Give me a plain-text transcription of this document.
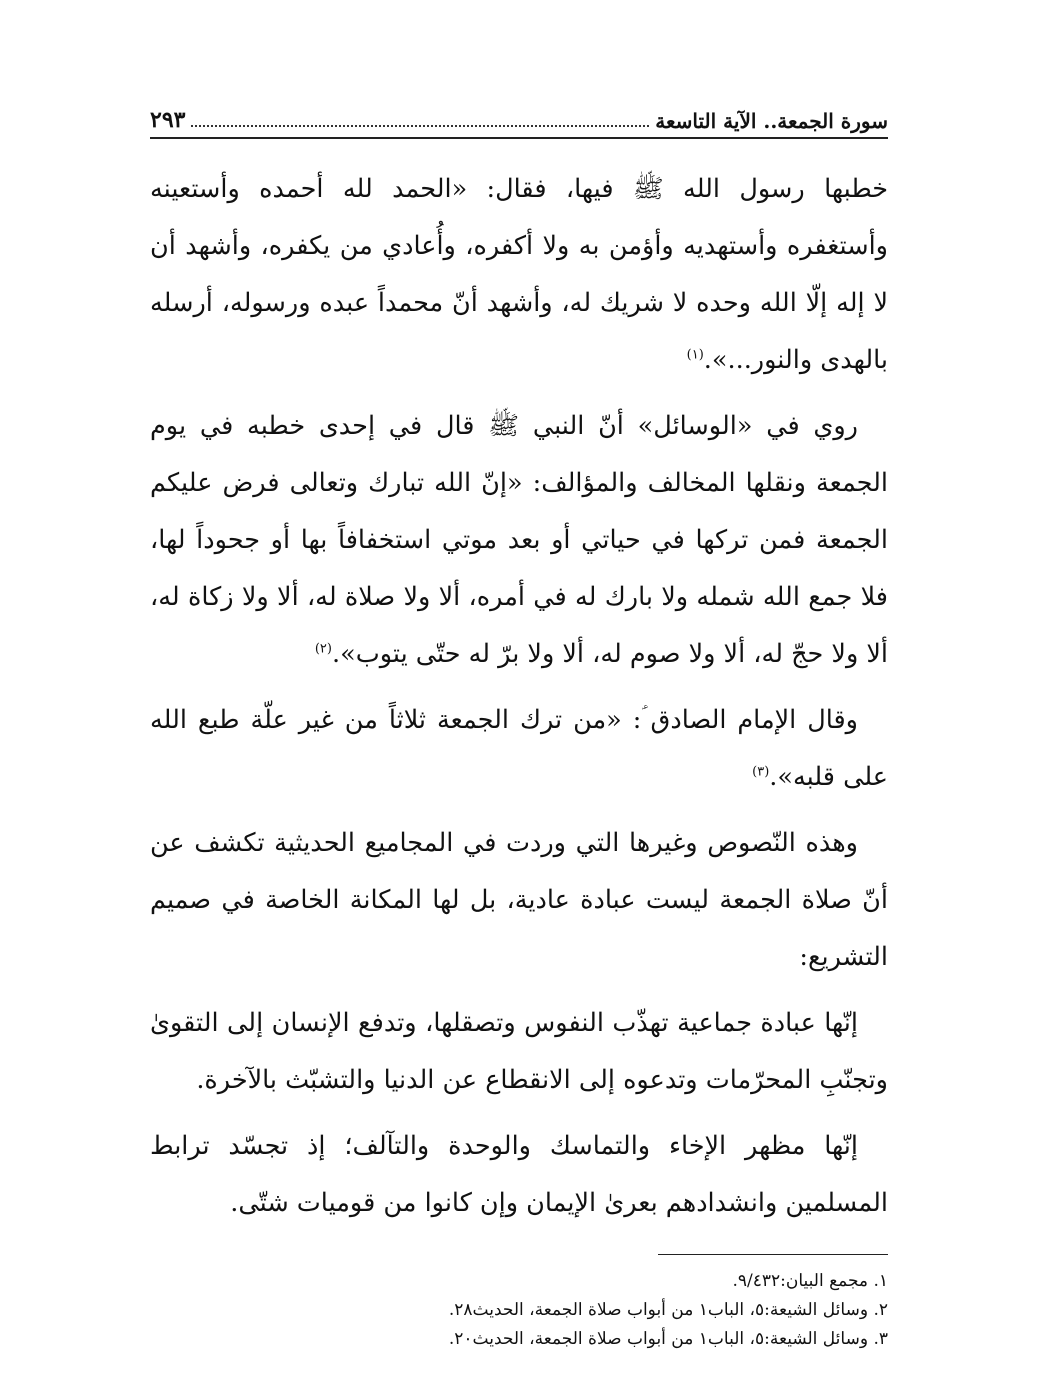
سورة الجمعة.. الآية التاسعة
٢٩٣

خطبها رسول الله ﷺ فيها، فقال: «الحمد لله أحمده وأستعينه وأستغفره وأستهديه وأؤمن به ولا أكفره، وأُعادي من يكفره، وأشهد أن لا إله إلّا الله وحده لا شريك له، وأشهد أنّ محمداً عبده ورسوله، أرسله بالهدى والنور...».$^{(١)}$

روي في «الوسائل» أنّ النبي ﷺ قال في إحدى خطبه في يوم الجمعة ونقلها المخالف والمؤالف: «إنّ الله تبارك وتعالى فرض عليكم الجمعة فمن تركها في حياتي أو بعد موتي استخفافاً بها أو جحوداً لها، فلا جمع الله شمله ولا بارك له في أمره، ألا ولا صلاة له، ألا ولا زكاة له، ألا ولا حجّ له، ألا ولا صوم له، ألا ولا برّ له حتّى يتوب».$^{(٢)}$

وقال الإمام الصادق ؑ: «من ترك الجمعة ثلاثاً من غير علّة طبع الله على قلبه».$^{(٣)}$

وهذه النّصوص وغيرها التي وردت في المجاميع الحديثية تكشف عن أنّ صلاة الجمعة ليست عبادة عادية، بل لها المكانة الخاصة في صميم التشريع:

إنّها عبادة جماعية تهذّب النفوس وتصقلها، وتدفع الإنسان إلى التقوىٰ وتجنّبِ المحرّمات وتدعوه إلى الانقطاع عن الدنيا والتشبّث بالآخرة.

إنّها مظهر الإخاء والتماسك والوحدة والتآلف؛ إذ تجسّد ترابط المسلمين وانشدادهم بعرىٰ الإيمان وإن كانوا من قوميات شتّى.

١. مجمع البيان:٩/٤٣٢.
٢. وسائل الشيعة:٥، الباب١ من أبواب صلاة الجمعة، الحديث٢٨.
٣. وسائل الشيعة:٥، الباب١ من أبواب صلاة الجمعة، الحديث٢٠.
